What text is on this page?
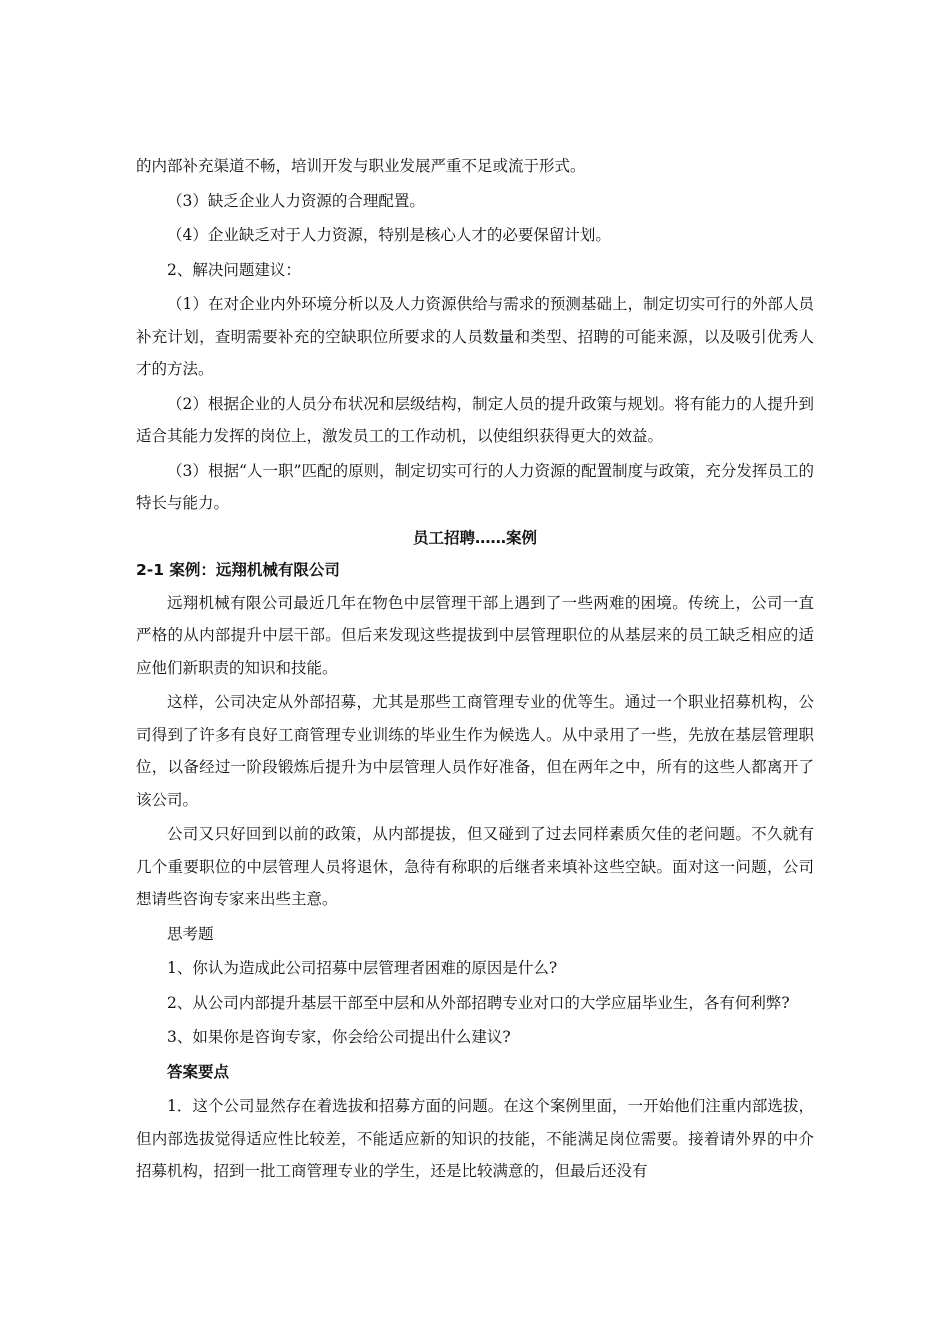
的内部补充渠道不畅，培训开发与职业发展严重不足或流于形式。

（3）缺乏企业人力资源的合理配置。

（4）企业缺乏对于人力资源，特别是核心人才的必要保留计划。

2、解决问题建议：

（1）在对企业内外环境分析以及人力资源供给与需求的预测基础上，制定切实可行的外部人员补充计划，查明需要补充的空缺职位所要求的人员数量和类型、招聘的可能来源，以及吸引优秀人才的方法。

（2）根据企业的人员分布状况和层级结构，制定人员的提升政策与规划。将有能力的人提升到适合其能力发挥的岗位上，激发员工的工作动机，以使组织获得更大的效益。

（3）根据“人一职”匹配的原则，制定切实可行的人力资源的配置制度与政策，充分发挥员工的特长与能力。

员工招聘……案例

2-1 案例：远翔机械有限公司

远翔机械有限公司最近几年在物色中层管理干部上遇到了一些两难的困境。传统上，公司一直严格的从内部提升中层干部。但后来发现这些提拔到中层管理职位的从基层来的员工缺乏相应的适应他们新职责的知识和技能。

这样，公司决定从外部招募，尤其是那些工商管理专业的优等生。通过一个职业招募机构，公司得到了许多有良好工商管理专业训练的毕业生作为候选人。从中录用了一些，先放在基层管理职位，以备经过一阶段锻炼后提升为中层管理人员作好准备，但在两年之中，所有的这些人都离开了该公司。

公司又只好回到以前的政策，从内部提拔，但又碰到了过去同样素质欠佳的老问题。不久就有几个重要职位的中层管理人员将退休，急待有称职的后继者来填补这些空缺。面对这一问题，公司想请些咨询专家来出些主意。

思考题

1、你认为造成此公司招募中层管理者困难的原因是什么?

2、从公司内部提升基层干部至中层和从外部招聘专业对口的大学应届毕业生，各有何利弊?

3、如果你是咨询专家，你会给公司提出什么建议?

答案要点

1．这个公司显然存在着选拔和招募方面的问题。在这个案例里面，一开始他们注重内部选拔，但内部选拔觉得适应性比较差，不能适应新的知识的技能，不能满足岗位需要。接着请外界的中介招募机构，招到一批工商管理专业的学生，还是比较满意的，但最后还没有
